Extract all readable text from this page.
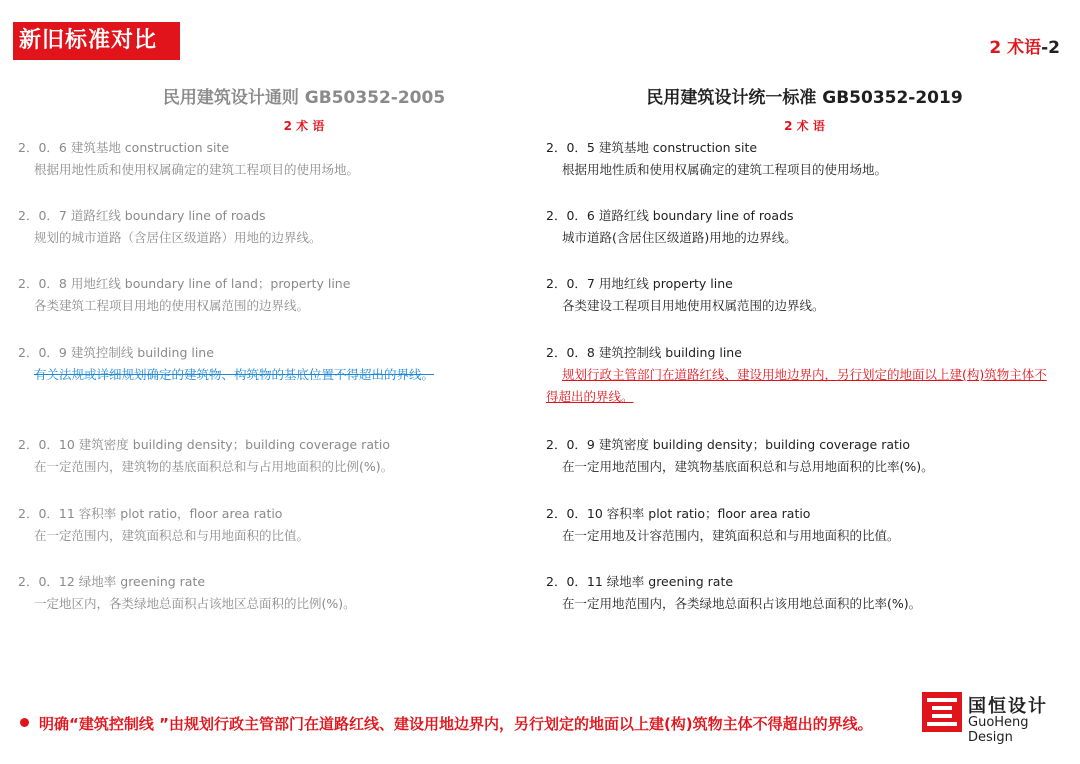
新旧标准对比	2 术语-2
民用建筑设计通则 GB50352-2005
2 术 语
2．0．6 建筑基地 construction site
根据用地性质和使用权属确定的建筑工程项目的使用场地。
2．0．7 道路红线 boundary line of roads
规划的城市道路（含居住区级道路）用地的边界线。
2．0．8 用地红线 boundary line of land；property line
各类建筑工程项目用地的使用权属范围的边界线。
2．0．9 建筑控制线 building line
有关法规或详细规划确定的建筑物、构筑物的基底位置不得超出的界线。
2．0．10 建筑密度 building density；building coverage ratio
在一定范围内，建筑物的基底面积总和与占用地面积的比例(%)。
2．0．11 容积率 plot ratio，floor area ratio
在一定范围内，建筑面积总和与用地面积的比值。
2．0．12 绿地率 greening rate
一定地区内，各类绿地总面积占该地区总面积的比例(%)。
民用建筑设计统一标准 GB50352-2019
2 术 语
2．0．5 建筑基地 construction site
根据用地性质和使用权属确定的建筑工程项目的使用场地。
2．0．6 道路红线 boundary line of roads
城市道路(含居住区级道路)用地的边界线。
2．0．7 用地红线 property line
各类建设工程项目用地使用权属范围的边界线。
2．0．8 建筑控制线 building line
规划行政主管部门在道路红线、建设用地边界内，另行划定的地面以上建(构)筑物主体不
得超出的界线。
2．0．9 建筑密度 building density；building coverage ratio
在一定用地范围内，建筑物基底面积总和与总用地面积的比率(%)。
2．0．10 容积率 plot ratio；floor area ratio
在一定用地及计容范围内，建筑面积总和与用地面积的比值。
2．0．11 绿地率 greening rate
在一定用地范围内，各类绿地总面积占该用地总面积的比率(%)。
明确“建筑控制线 ”由规划行政主管部门在道路红线、建设用地边界内，另行划定的地面以上建(构)筑物主体不得超出的界线。
国恒设计
GuoHeng Design
